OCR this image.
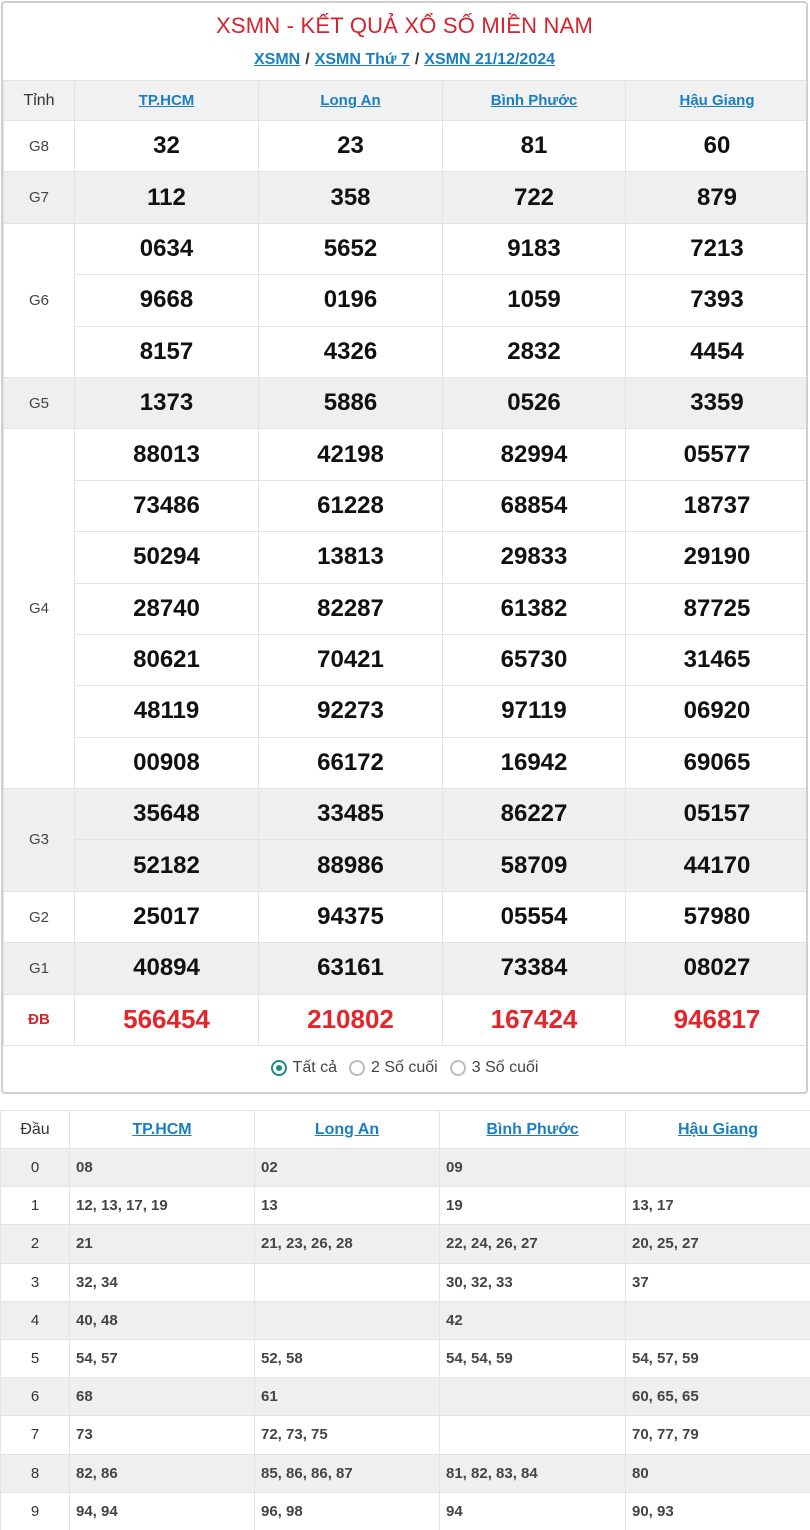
XSMN - KẾT QUẢ XỔ SỐ MIỀN NAM
XSMN / XSMN Thứ 7 / XSMN 21/12/2024
Tỉnh	TP.HCM	Long An	Bình Phước	Hậu Giang
G8	32	23	81	60
G7	112	358	722	879
G6	0634	5652	9183	7213
	9668	0196	1059	7393
	8157	4326	2832	4454
G5	1373	5886	0526	3359
G4	88013	42198	82994	05577
	73486	61228	68854	18737
	50294	13813	29833	29190
	28740	82287	61382	87725
	80621	70421	65730	31465
	48119	92273	97119	06920
	00908	66172	16942	69065
G3	35648	33485	86227	05157
	52182	88986	58709	44170
G2	25017	94375	05554	57980
G1	40894	63161	73384	08027
ĐB	566454	210802	167424	946817
Tất cả 2 Số cuối 3 Số cuối
Đầu	TP.HCM	Long An	Bình Phước	Hậu Giang
0	08	02	09	
1	12, 13, 17, 19	13	19	13, 17
2	21	21, 23, 26, 28	22, 24, 26, 27	20, 25, 27
3	32, 34		30, 32, 33	37
4	40, 48		42	
5	54, 57	52, 58	54, 54, 59	54, 57, 59
6	68	61		60, 65, 65
7	73	72, 73, 75		70, 77, 79
8	82, 86	85, 86, 86, 87	81, 82, 83, 84	80
9	94, 94	96, 98	94	90, 93
